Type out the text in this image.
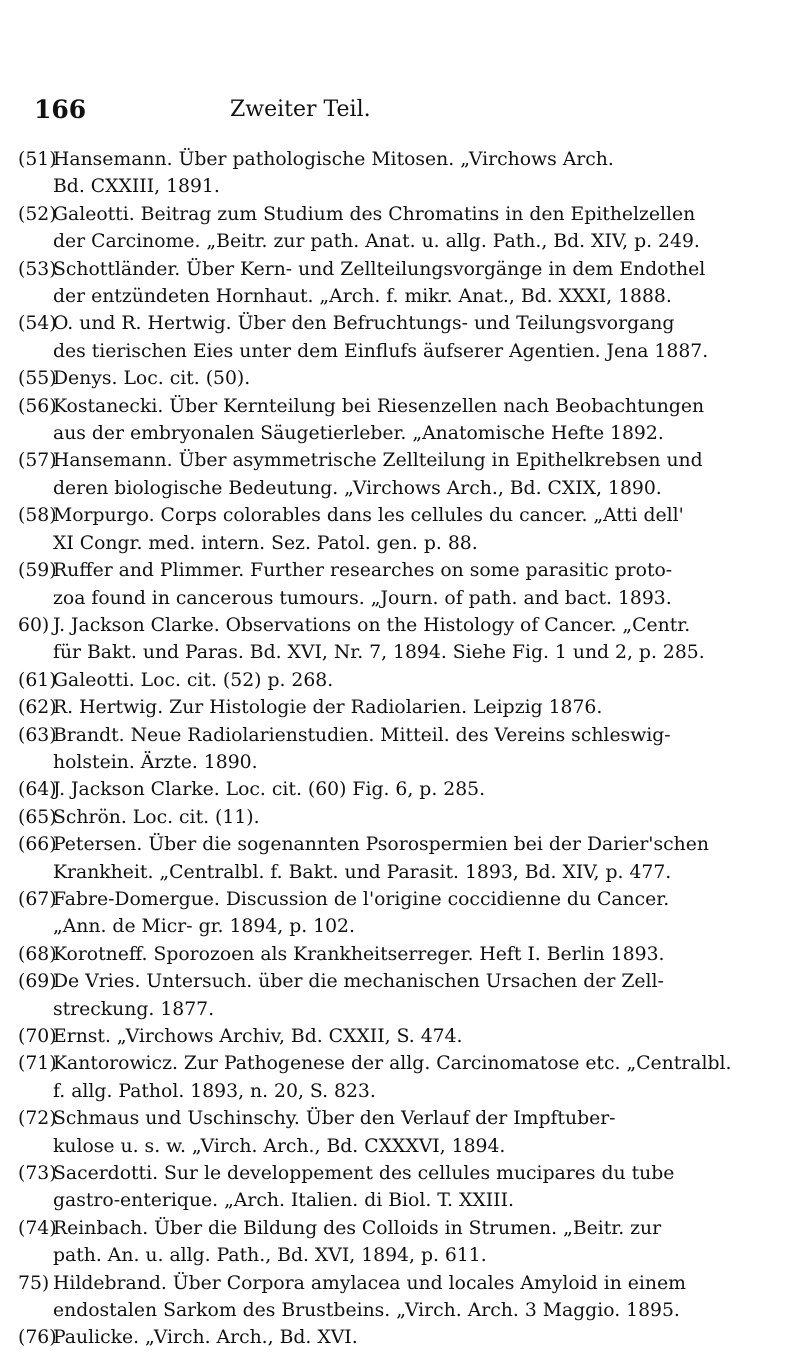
166	Zweiter Teil.
(51)
Hansemann. Über pathologische Mitosen. „Virchows Arch.
Bd. CXXIII, 1891.
(52)
Galeotti. Beitrag zum Studium des Chromatins in den Epithelzellen
der Carcinome. „Beitr. zur path. Anat. u. allg. Path., Bd. XIV, p. 249.
(53)
Schottländer. Über Kern- und Zellteilungsvorgänge in dem Endothel
der entzündeten Hornhaut. „Arch. f. mikr. Anat., Bd. XXXI, 1888.
(54)
O. und R. Hertwig. Über den Befruchtungs- und Teilungsvorgang
des tierischen Eies unter dem Einflufs äufserer Agentien. Jena 1887.
(55)
Denys. Loc. cit. (50).
(56)
Kostanecki. Über Kernteilung bei Riesenzellen nach Beobachtungen
aus der embryonalen Säugetierleber. „Anatomische Hefte 1892.
(57)
Hansemann. Über asymmetrische Zellteilung in Epithelkrebsen und
deren biologische Bedeutung. „Virchows Arch., Bd. CXIX, 1890.
(58)
Morpurgo. Corps colorables dans les cellules du cancer. „Atti dell'
XI Congr. med. intern. Sez. Patol. gen. p. 88.
(59)
Ruffer and Plimmer. Further researches on some parasitic proto-
zoa found in cancerous tumours. „Journ. of path. and bact. 1893.
60) J. Jackson Clarke. Observations on the Histology of Cancer. „Centr.
für Bakt. und Paras. Bd. XVI, Nr. 7, 1894. Siehe Fig. 1 und 2, p. 285.
(61)
Galeotti. Loc. cit. (52) p. 268.
(62)
R. Hertwig. Zur Histologie der Radiolarien. Leipzig 1876.
(63)
Brandt. Neue Radiolarienstudien. Mitteil. des Vereins schleswig-
holstein. Ärzte. 1890.
(64)
J. Jackson Clarke. Loc. cit. (60) Fig. 6, p. 285.
(65)
Schrön. Loc. cit. (11).
(66)
Petersen. Über die sogenannten Psorospermien bei der Darier'schen
Krankheit. „Centralbl. f. Bakt. und Parasit. 1893, Bd. XIV, p. 477.
(67)
Fabre-Domergue. Discussion de l'origine coccidienne du Cancer.
„Ann. de Micr- gr. 1894, p. 102.
(68)
Korotneff. Sporozoen als Krankheitserreger. Heft I. Berlin 1893.
(69)
De Vries. Untersuch. über die mechanischen Ursachen der Zell-
streckung. 1877.
(70)
Ernst. „Virchows Archiv, Bd. CXXII, S. 474.
(71)
Kantorowicz. Zur Pathogenese der allg. Carcinomatose etc. „Centralbl.
f. allg. Pathol. 1893, n. 20, S. 823.
(72)
Schmaus und Uschinschy. Über den Verlauf der Impftuber-
kulose u. s. w. „Virch. Arch., Bd. CXXXVI, 1894.
(73)
Sacerdotti. Sur le developpement des cellules mucipares du tube
gastro-enterique. „Arch. Italien. di Biol. T. XXIII.
(74)
Reinbach. Über die Bildung des Colloids in Strumen. „Beitr. zur
path. An. u. allg. Path., Bd. XVI, 1894, p. 611.
75) Hildebrand. Über Corpora amylacea und locales Amyloid in einem
endostalen Sarkom des Brustbeins. „Virch. Arch. 3 Maggio. 1895.
(76)
Paulicke. „Virch. Arch., Bd. XVI.
